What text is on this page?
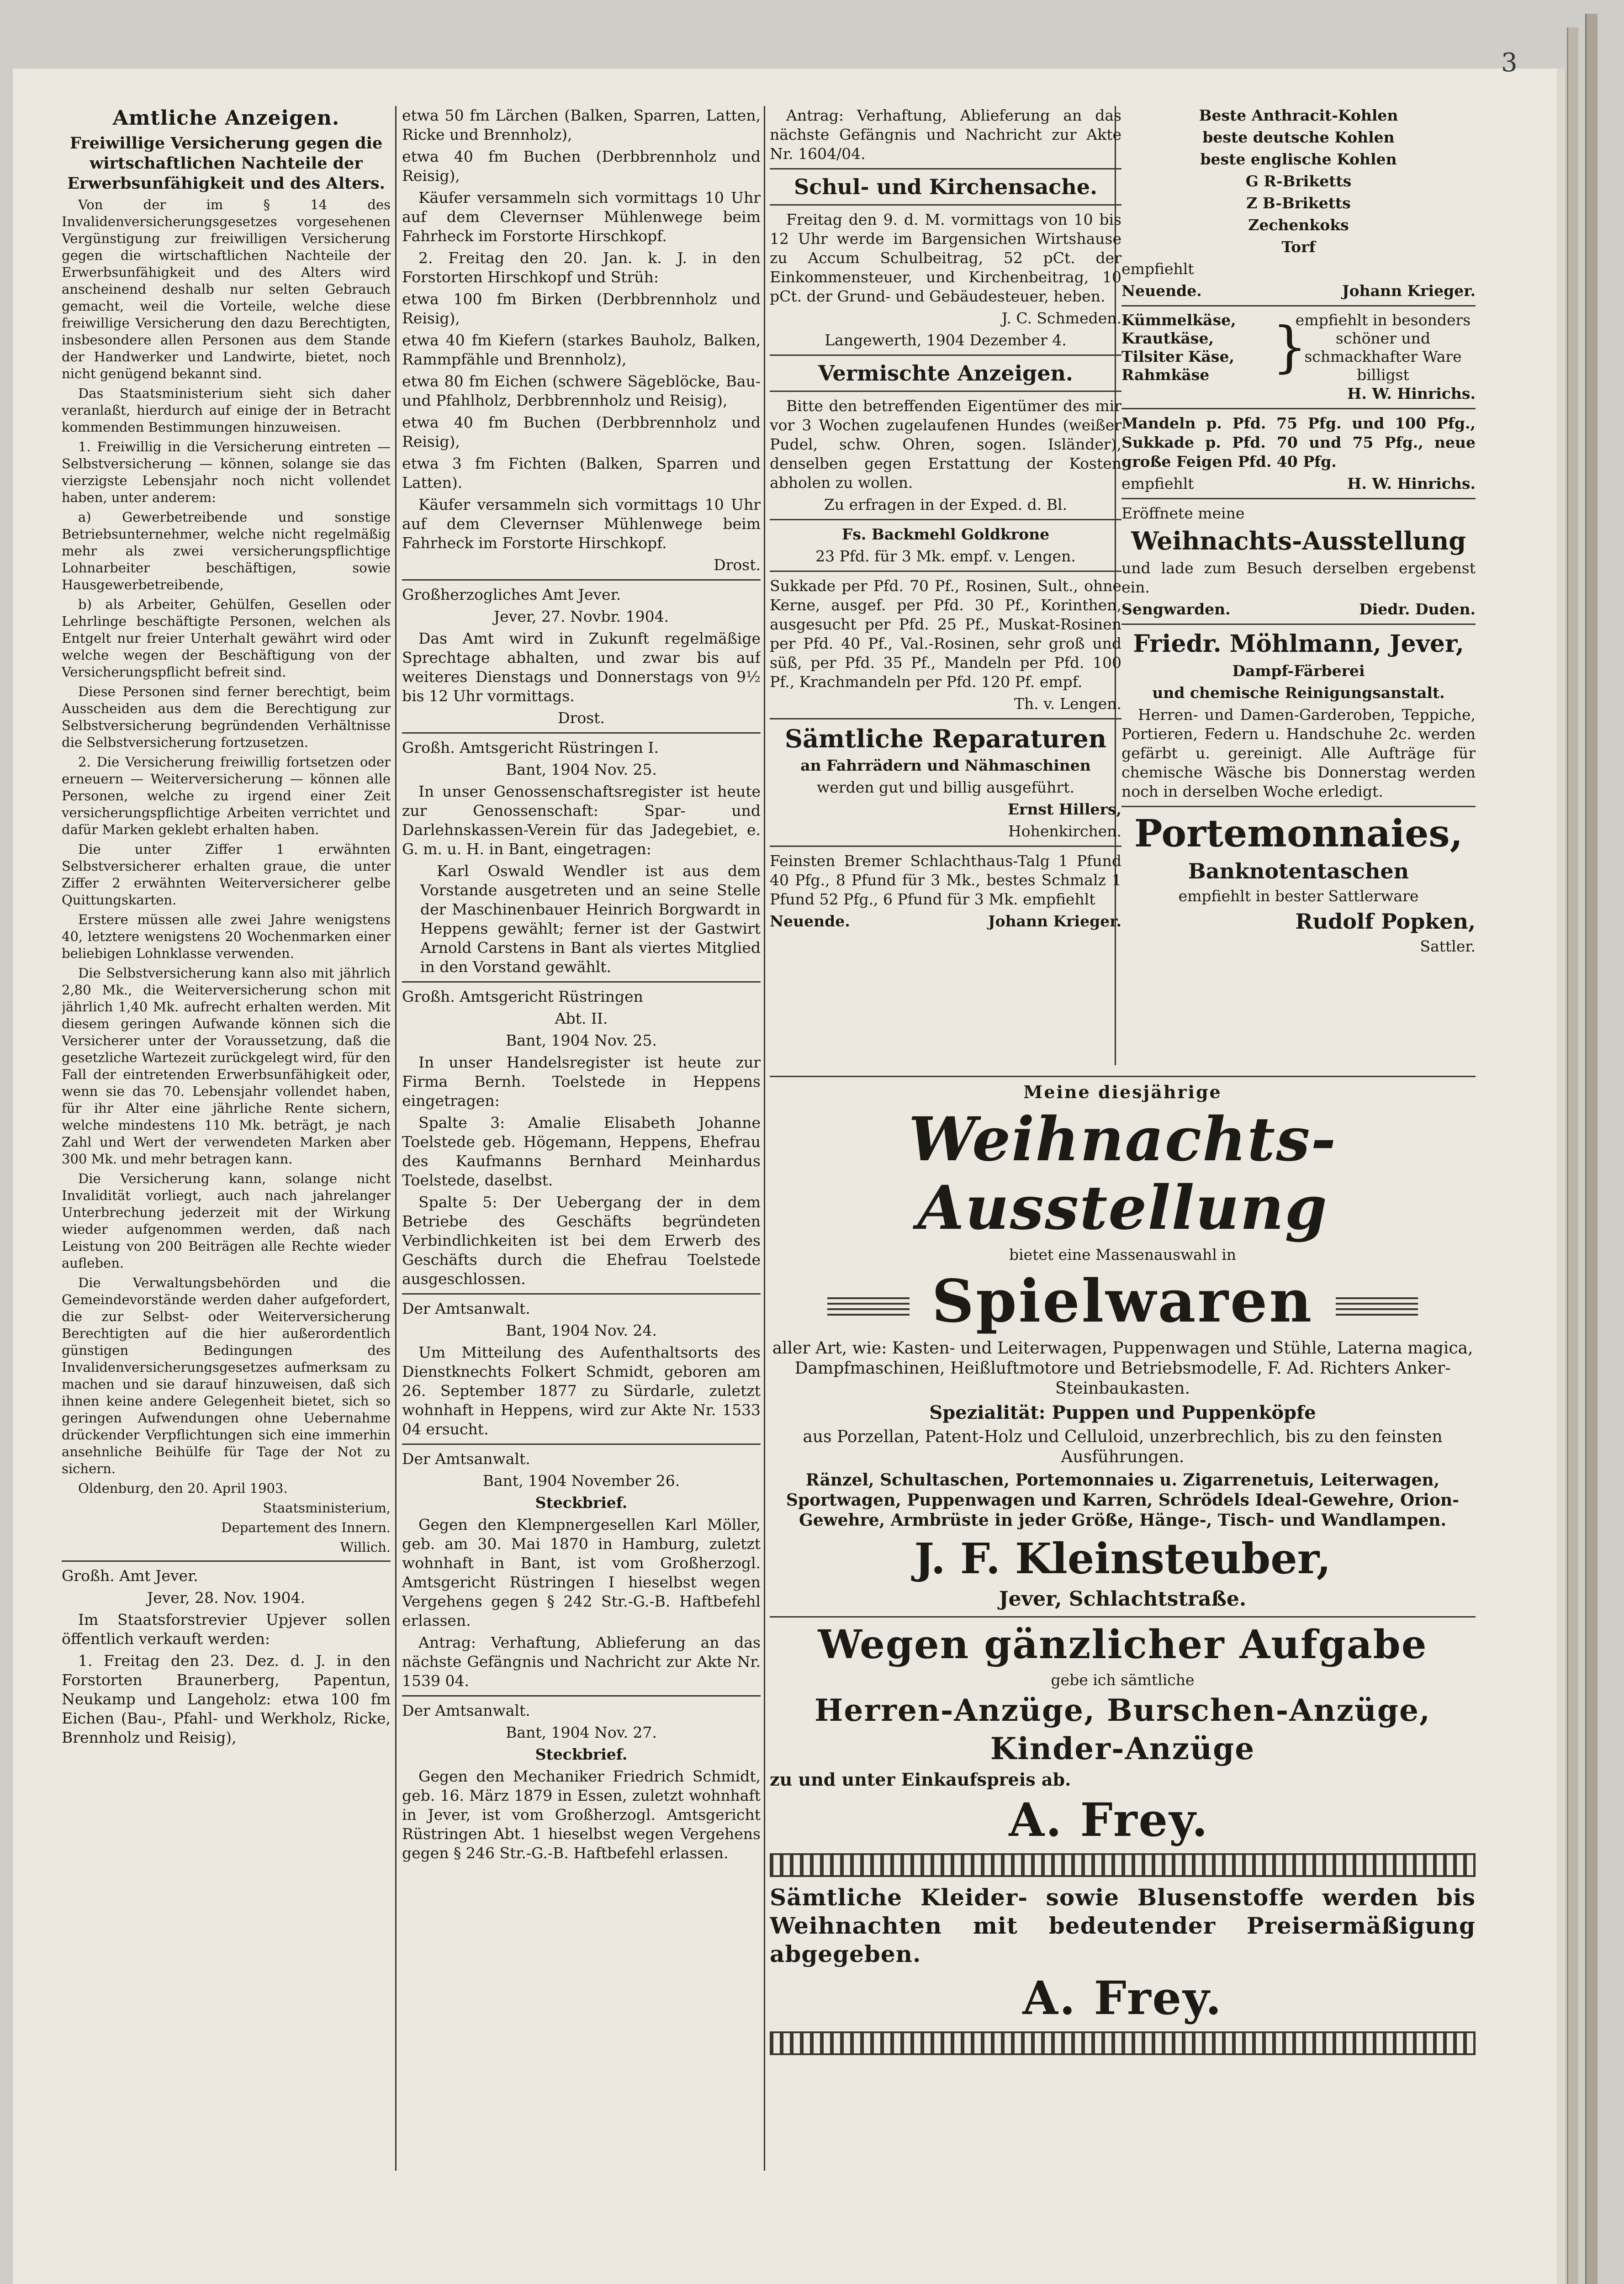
3

Amtliche Anzeigen.

Freiwillige Versicherung gegen die wirtschaftlichen Nachteile der Erwerbsunfähigkeit und des Alters.

Von der im § 14 des Invalidenversicherungsgesetzes vorgesehenen Vergünstigung zur freiwilligen Versicherung gegen die wirtschaftlichen Nachteile der Erwerbsunfähigkeit und des Alters wird anscheinend deshalb nur selten Gebrauch gemacht, weil die Vorteile, welche diese freiwillige Versicherung den dazu Berechtigten, insbesondere allen Personen aus dem Stande der Handwerker und Landwirte, bietet, noch nicht genügend bekannt sind.

Das Staatsministerium sieht sich daher veranlaßt, hierdurch auf einige der in Betracht kommenden Bestimmungen hinzuweisen.

1. Freiwillig in die Versicherung eintreten — Selbstversicherung — können, solange sie das vierzigste Lebensjahr noch nicht vollendet haben, unter anderem:

a) Gewerbetreibende und sonstige Betriebsunternehmer, welche nicht regelmäßig mehr als zwei versicherungspflichtige Lohnarbeiter beschäftigen, sowie Hausgewerbetreibende,

b) als Arbeiter, Gehülfen, Gesellen oder Lehrlinge beschäftigte Personen, welchen als Entgelt nur freier Unterhalt gewährt wird oder welche wegen der Beschäftigung von der Versicherungspflicht befreit sind.

Diese Personen sind ferner berechtigt, beim Ausscheiden aus dem die Berechtigung zur Selbstversicherung begründenden Verhältnisse die Selbstversicherung fortzusetzen.

2. Die Versicherung freiwillig fortsetzen oder erneuern — Weiterversicherung — können alle Personen, welche zu irgend einer Zeit versicherungspflichtige Arbeiten verrichtet und dafür Marken geklebt erhalten haben.

Die unter Ziffer 1 erwähnten Selbstversicherer erhalten graue, die unter Ziffer 2 erwähnten Weiterversicherer gelbe Quittungskarten.

Erstere müssen alle zwei Jahre wenigstens 40, letztere wenigstens 20 Wochenmarken einer beliebigen Lohnklasse verwenden.

Die Selbstversicherung kann also mit jährlich 2,80 Mk., die Weiterversicherung schon mit jährlich 1,40 Mk. aufrecht erhalten werden. Mit diesem geringen Aufwande können sich die Versicherer unter der Voraussetzung, daß die gesetzliche Wartezeit zurückgelegt wird, für den Fall der eintretenden Erwerbsunfähigkeit oder, wenn sie das 70. Lebensjahr vollendet haben, für ihr Alter eine jährliche Rente sichern, welche mindestens 110 Mk. beträgt, je nach Zahl und Wert der verwendeten Marken aber 300 Mk. und mehr betragen kann.

Die Versicherung kann, solange nicht Invalidität vorliegt, auch nach jahrelanger Unterbrechung jederzeit mit der Wirkung wieder aufgenommen werden, daß nach Leistung von 200 Beiträgen alle Rechte wieder aufleben.

Die Verwaltungsbehörden und die Gemeindevorstände werden daher aufgefordert, die zur Selbst- oder Weiterversicherung Berechtigten auf die hier außerordentlich günstigen Bedingungen des Invalidenversicherungsgesetzes aufmerksam zu machen und sie darauf hinzuweisen, daß sich ihnen keine andere Gelegenheit bietet, sich so geringen Aufwendungen ohne Uebernahme drückender Verpflichtungen sich eine immerhin ansehnliche Beihülfe für Tage der Not zu sichern.

Oldenburg, den 20. April 1903.

Staatsministerium,

Departement des Innern.

Willich.

Großh. Amt Jever.

Jever, 28. Nov. 1904.

Im Staatsforstrevier Upjever sollen öffentlich verkauft werden:

1. Freitag den 23. Dez. d. J. in den Forstorten Braunerberg, Papentun, Neukamp und Langeholz: etwa 100 fm Eichen (Bau-, Pfahl- und Werkholz, Ricke, Brennholz und Reisig),

etwa 50 fm Lärchen (Balken, Sparren, Latten, Ricke und Brennholz),

etwa 40 fm Buchen (Derbbrennholz und Reisig),

Käufer versammeln sich vormittags 10 Uhr auf dem Clevernser Mühlenwege beim Fahrheck im Forstorte Hirschkopf.

2. Freitag den 20. Jan. k. J. in den Forstorten Hirschkopf und Strüh:

etwa 100 fm Birken (Derbbrennholz und Reisig),

etwa 40 fm Kiefern (starkes Bauholz, Balken, Rammpfähle und Brennholz),

etwa 80 fm Eichen (schwere Sägeblöcke, Bau- und Pfahlholz, Derbbrennholz und Reisig),

etwa 40 fm Buchen (Derbbrennholz und Reisig),

etwa 3 fm Fichten (Balken, Sparren und Latten).

Käufer versammeln sich vormittags 10 Uhr auf dem Clevernser Mühlenwege beim Fahrheck im Forstorte Hirschkopf.

Drost.

Großherzogliches Amt Jever.

Jever, 27. Novbr. 1904.

Das Amt wird in Zukunft regelmäßige Sprechtage abhalten, und zwar bis auf weiteres Dienstags und Donnerstags von 9½ bis 12 Uhr vormittags.

Drost.

Großh. Amtsgericht Rüstringen I.

Bant, 1904 Nov. 25.

In unser Genossenschaftsregister ist heute zur Genossenschaft: Spar- und Darlehnskassen-Verein für das Jadegebiet, e. G. m. u. H. in Bant, eingetragen:

Karl Oswald Wendler ist aus dem Vorstande ausgetreten und an seine Stelle der Maschinenbauer Heinrich Borgwardt in Heppens gewählt; ferner ist der Gastwirt Arnold Carstens in Bant als viertes Mitglied in den Vorstand gewählt.

Großh. Amtsgericht Rüstringen

Abt. II.

Bant, 1904 Nov. 25.

In unser Handelsregister ist heute zur Firma Bernh. Toelstede in Heppens eingetragen:

Spalte 3: Amalie Elisabeth Johanne Toelstede geb. Högemann, Heppens, Ehefrau des Kaufmanns Bernhard Meinhardus Toelstede, daselbst.

Spalte 5: Der Uebergang der in dem Betriebe des Geschäfts begründeten Verbindlichkeiten ist bei dem Erwerb des Geschäfts durch die Ehefrau Toelstede ausgeschlossen.

Der Amtsanwalt.

Bant, 1904 Nov. 24.

Um Mitteilung des Aufenthaltsorts des Dienstknechts Folkert Schmidt, geboren am 26. September 1877 zu Sürdarle, zuletzt wohnhaft in Heppens, wird zur Akte Nr. 1533 04 ersucht.

Der Amtsanwalt.

Bant, 1904 November 26.

Steckbrief.

Gegen den Klempnergesellen Karl Möller, geb. am 30. Mai 1870 in Hamburg, zuletzt wohnhaft in Bant, ist vom Großherzogl. Amtsgericht Rüstringen I hieselbst wegen Vergehens gegen § 242 Str.-G.-B. Haftbefehl erlassen.

Antrag: Verhaftung, Ablieferung an das nächste Gefängnis und Nachricht zur Akte Nr. 1539 04.

Der Amtsanwalt.

Bant, 1904 Nov. 27.

Steckbrief.

Gegen den Mechaniker Friedrich Schmidt, geb. 16. März 1879 in Essen, zuletzt wohnhaft in Jever, ist vom Großherzogl. Amtsgericht Rüstringen Abt. 1 hieselbst wegen Vergehens gegen § 246 Str.-G.-B. Haftbefehl erlassen.

Antrag: Verhaftung, Ablieferung an das nächste Gefängnis und Nachricht zur Akte Nr. 1604/04.

Schul- und Kirchensache.

Freitag den 9. d. M. vormittags von 10 bis 12 Uhr werde im Bargensichen Wirtshause zu Accum Schulbeitrag, 52 pCt. der Einkommensteuer, und Kirchenbeitrag, 10 pCt. der Grund- und Gebäudesteuer, heben.

J. C. Schmeden.

Langewerth, 1904 Dezember 4.

Vermischte Anzeigen.

Bitte den betreffenden Eigentümer des mir vor 3 Wochen zugelaufenen Hundes (weißer Pudel, schw. Ohren, sogen. Isländer), denselben gegen Erstattung der Kosten abholen zu wollen.

Zu erfragen in der Exped. d. Bl.

Fs. Backmehl Goldkrone

23 Pfd. für 3 Mk. empf. v. Lengen.

Sukkade per Pfd. 70 Pf., Rosinen, Sult., ohne Kerne, ausgef. per Pfd. 30 Pf., Korinthen, ausgesucht per Pfd. 25 Pf., Muskat-Rosinen per Pfd. 40 Pf., Val.-Rosinen, sehr groß und süß, per Pfd. 35 Pf., Mandeln per Pfd. 100 Pf., Krachmandeln per Pfd. 120 Pf. empf.

Th. v. Lengen.

Sämtliche Reparaturen

an Fahrrädern und Nähmaschinen

werden gut und billig ausgeführt.

Ernst Hillers,

Hohenkirchen.

Feinsten Bremer Schlachthaus-Talg 1 Pfund 40 Pfg., 8 Pfund für 3 Mk., bestes Schmalz 1 Pfund 52 Pfg., 6 Pfund für 3 Mk. empfiehlt

Neuende.	Johann Krieger.

Beste Anthracit-Kohlen

beste deutsche Kohlen

beste englische Kohlen

G R-Briketts

Z B-Briketts

Zechenkoks

Torf

empfiehlt

Neuende.	Johann Krieger.

Kümmelkäse,
Krautkäse,
Tilsiter Käse,
Rahmkäse	}
empfiehlt in besonders schöner und schmackhafter Ware billigst

H. W. Hinrichs.

Mandeln p. Pfd. 75 Pfg. und 100 Pfg., Sukkade p. Pfd. 70 und 75 Pfg., neue große Feigen Pfd. 40 Pfg.

empfiehlt	H. W. Hinrichs.

Eröffnete meine

Weihnachts-Ausstellung

und lade zum Besuch derselben ergebenst ein.

Sengwarden.	Diedr. Duden.

Friedr. Möhlmann, Jever,

Dampf-Färberei

und chemische Reinigungsanstalt.

Herren- und Damen-Garderoben, Teppiche, Portieren, Federn u. Handschuhe 2c. werden gefärbt u. gereinigt. Alle Aufträge für chemische Wäsche bis Donnerstag werden noch in derselben Woche erledigt.

Portemonnaies,

Banknotentaschen

empfiehlt in bester Sattlerware

Rudolf Popken,

Sattler.

Meine diesjährige

Weihnachts-Ausstellung

bietet eine Massenauswahl in

Spielwaren

aller Art, wie: Kasten- und Leiterwagen, Puppenwagen und Stühle, Laterna magica, Dampfmaschinen, Heißluftmotore und Betriebsmodelle, F. Ad. Richters Anker-Steinbaukasten.

Spezialität: Puppen und Puppenköpfe

aus Porzellan, Patent-Holz und Celluloid, unzerbrechlich, bis zu den feinsten Ausführungen.

Ränzel, Schultaschen, Portemonnaies u. Zigarrenetuis, Leiterwagen, Sportwagen, Puppenwagen und Karren, Schrödels Ideal-Gewehre, Orion-Gewehre, Armbrüste in jeder Größe, Hänge-, Tisch- und Wandlampen.

J. F. Kleinsteuber,

Jever, Schlachtstraße.

Wegen gänzlicher Aufgabe

gebe ich sämtliche

Herren-Anzüge, Burschen-Anzüge,

Kinder-Anzüge

zu und unter Einkaufspreis ab.

A. Frey.

Sämtliche Kleider- sowie Blusenstoffe werden bis Weihnachten mit bedeutender Preisermäßigung abgegeben.

A. Frey.
